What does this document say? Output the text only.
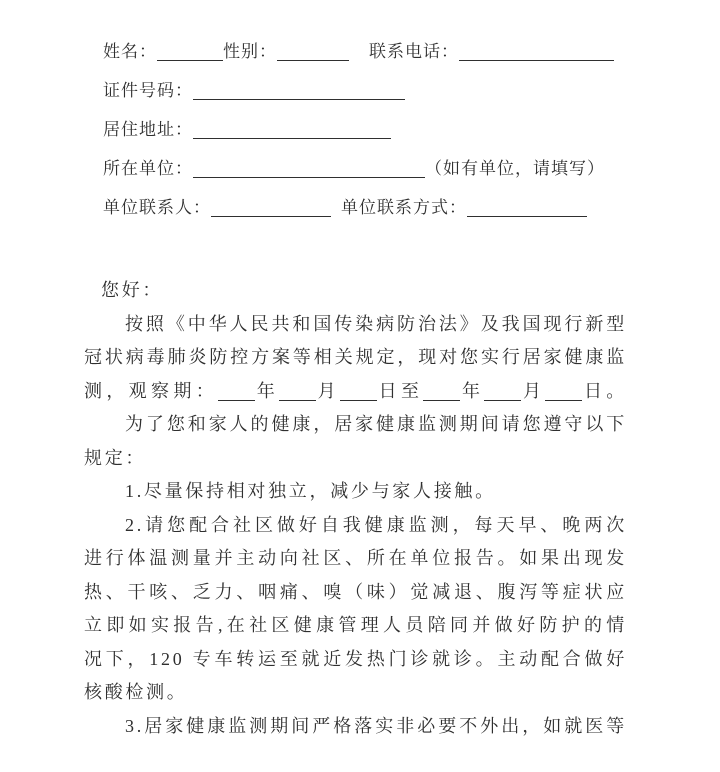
姓名：	性别：	联系电话：
证件号码：
居住地址：
所在单位：	（如有单位，请填写）
单位联系人：	单位联系方式：
您好：
按照《中华人民共和国传染病防治法》及我国现行新型
冠状病毒肺炎防控方案等相关规定，现对您实行居家健康监
测，观察期： 年 月 日至 年 月 日。
为了您和家人的健康，居家健康监测期间请您遵守以下
规定：
1.尽量保持相对独立，减少与家人接触。
2.请您配合社区做好自我健康监测，每天早、晚两次
进行体温测量并主动向社区、所在单位报告。如果出现发
热、干咳、乏力、咽痛、嗅（味）觉减退、腹泻等症状应
立即如实报告,在社区健康管理人员陪同并做好防护的情
况下，120 专车转运至就近发热门诊就诊。主动配合做好
核酸检测。
3.居家健康监测期间严格落实非必要不外出，如就医等
